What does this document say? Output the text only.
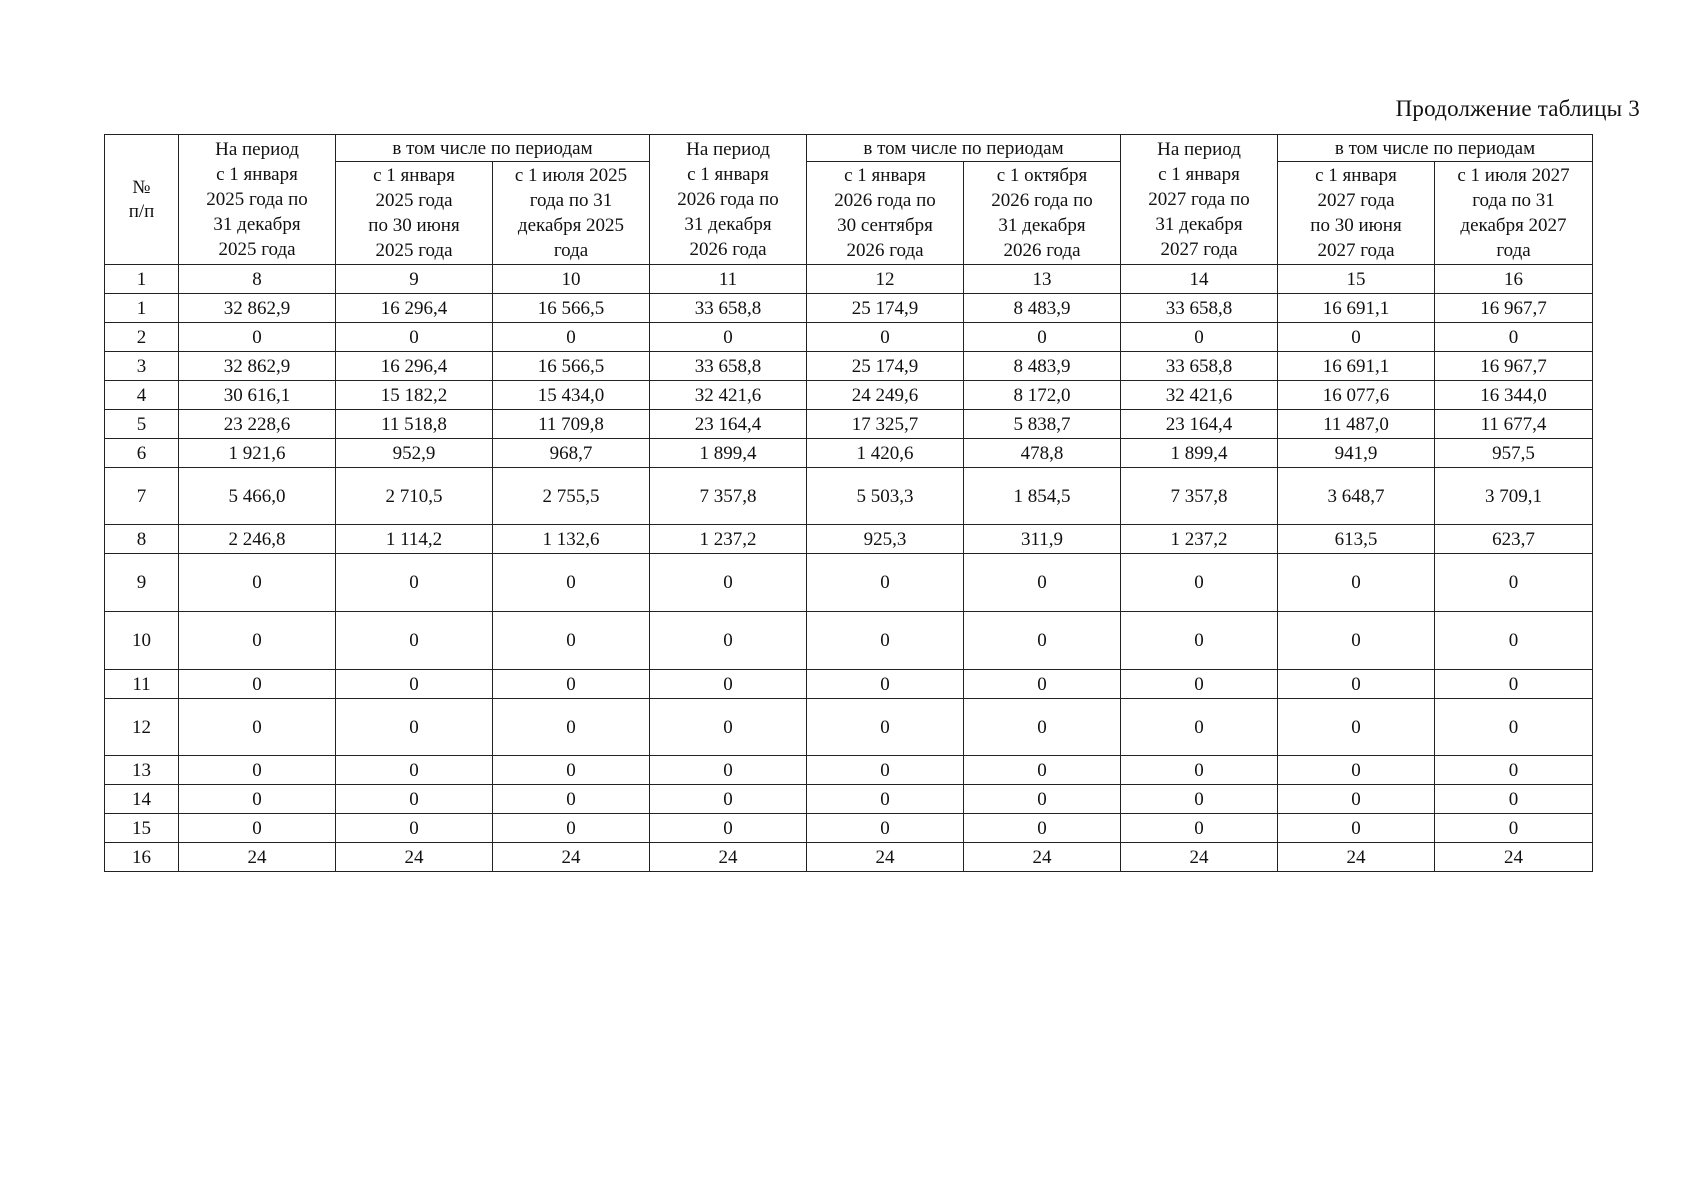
Продолжение таблицы 3
№
п/п	На период
с 1 января
2025 года по
31 декабря
2025 года	в том числе по периодам		На период
с 1 января
2026 года по
31 декабря
2026 года	в том числе по периодам		На период
с 1 января
2027 года по
31 декабря
2027 года	в том числе по периодам	

		с 1 января
2025 года
по 30 июня
2025 года	с 1 июля 2025
года по 31
декабря 2025
года		с 1 января
2026 года по
30 сентября
2026 года	с 1 октября
2026 года по
31 декабря
2026 года		с 1 января
2027 года
по 30 июня
2027 года	с 1 июля 2027
года по 31
декабря 2027
года

1	8	9	10	11	12	13	14	15	16
1	32 862,9	16 296,4	16 566,5	33 658,8	25 174,9	8 483,9	33 658,8	16 691,1	16 967,7
2	0	0	0	0	0	0	0	0	0
3	32 862,9	16 296,4	16 566,5	33 658,8	25 174,9	8 483,9	33 658,8	16 691,1	16 967,7
4	30 616,1	15 182,2	15 434,0	32 421,6	24 249,6	8 172,0	32 421,6	16 077,6	16 344,0
5	23 228,6	11 518,8	11 709,8	23 164,4	17 325,7	5 838,7	23 164,4	11 487,0	11 677,4
6	1 921,6	952,9	968,7	1 899,4	1 420,6	478,8	1 899,4	941,9	957,5
7	5 466,0	2 710,5	2 755,5	7 357,8	5 503,3	1 854,5	7 357,8	3 648,7	3 709,1
8	2 246,8	1 114,2	1 132,6	1 237,2	925,3	311,9	1 237,2	613,5	623,7
9	0	0	0	0	0	0	0	0	0
10	0	0	0	0	0	0	0	0	0
11	0	0	0	0	0	0	0	0	0
12	0	0	0	0	0	0	0	0	0
13	0	0	0	0	0	0	0	0	0
14	0	0	0	0	0	0	0	0	0
15	0	0	0	0	0	0	0	0	0
16	24	24	24	24	24	24	24	24	24
